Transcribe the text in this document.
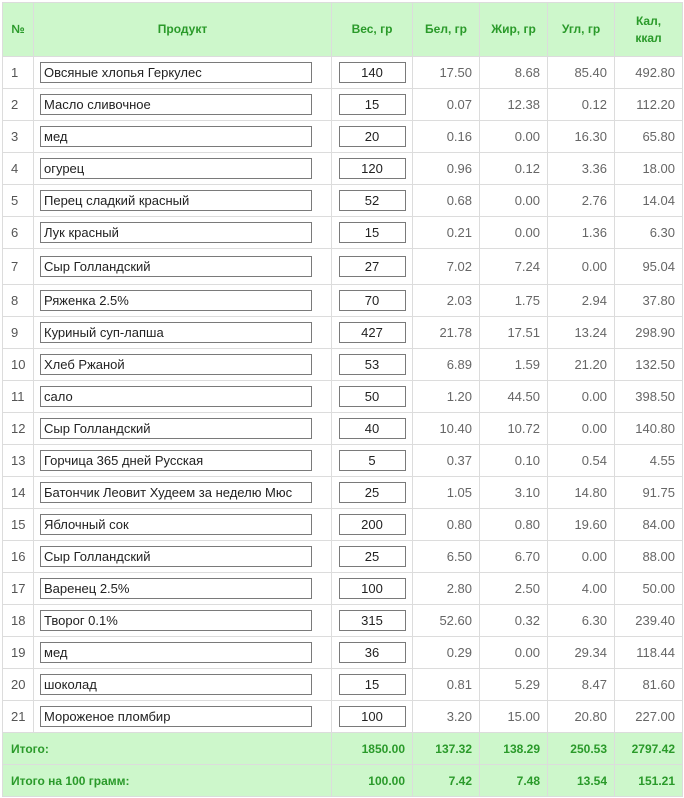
№	Продукт	Вес, гр	Бел, гр	Жир, гр	Угл, гр	Кал,
ккал
1	Овсяные хлопья Геркулес	140	17.50	8.68	85.40	492.80
2	Масло сливочное	15	0.07	12.38	0.12	112.20
3	мед	20	0.16	0.00	16.30	65.80
4	огурец	120	0.96	0.12	3.36	18.00
5	Перец сладкий красный	52	0.68	0.00	2.76	14.04
6	Лук красный	15	0.21	0.00	1.36	6.30
7	Сыр Голландский	27	7.02	7.24	0.00	95.04
8	Ряженка 2.5%	70	2.03	1.75	2.94	37.80
9	Куриный суп-лапша	427	21.78	17.51	13.24	298.90
10	Хлеб Ржаной	53	6.89	1.59	21.20	132.50
11	сало	50	1.20	44.50	0.00	398.50
12	Сыр Голландский	40	10.40	10.72	0.00	140.80
13	Горчица 365 дней Русская	5	0.37	0.10	0.54	4.55
14	Батончик Леовит Худеем за неделю Мюс	25	1.05	3.10	14.80	91.75
15	Яблочный сок	200	0.80	0.80	19.60	84.00
16	Сыр Голландский	25	6.50	6.70	0.00	88.00
17	Варенец 2.5%	100	2.80	2.50	4.00	50.00
18	Творог 0.1%	315	52.60	0.32	6.30	239.40
19	мед	36	0.29	0.00	29.34	118.44
20	шоколад	15	0.81	5.29	8.47	81.60
21	Мороженое пломбир	100	3.20	15.00	20.80	227.00
Итого:		1850.00	137.32	138.29	250.53	2797.42
Итого на 100 грамм:		100.00	7.42	7.48	13.54	151.21
